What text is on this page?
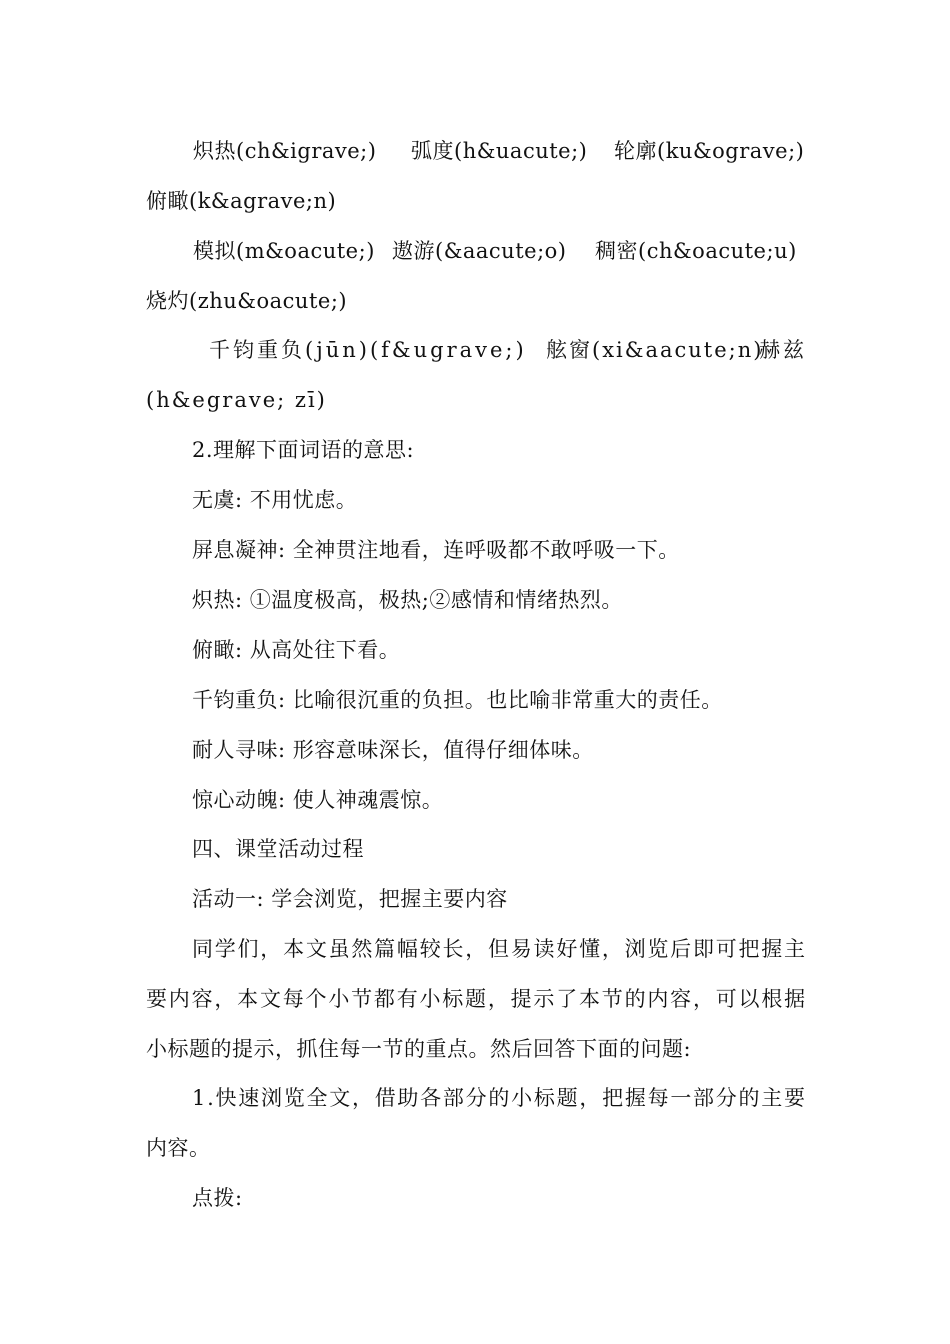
炽热(ch&igrave;) 弧度(h&uacute;) 轮廓(ku&ograve;)
俯瞰(k&agrave;n)
模拟(m&oacute;) 遨游(&aacute;o) 稠密(ch&oacute;u)
烧灼(zhu&oacute;)
千钧重负(jūn)(f&ugrave;) 舷窗(xi&aacute;n)
赫兹
(h&egrave; zī)
2.理解下面词语的意思:
无虞: 不用忧虑。
屏息凝神: 全神贯注地看，连呼吸都不敢呼吸一下。
炽热: ①温度极高，极热;②感情和情绪热烈。
俯瞰: 从高处往下看。
千钧重负: 比喻很沉重的负担。也比喻非常重大的责任。
耐人寻味: 形容意味深长，值得仔细体味。
惊心动魄: 使人神魂震惊。
四、课堂活动过程
活动一: 学会浏览，把握主要内容
同学们，本文虽然篇幅较长，但易读好懂，浏览后即可把握主
要内容，本文每个小节都有小标题，提示了本节的内容，可以根据
小标题的提示，抓住每一节的重点。然后回答下面的问题:
1.快速浏览全文，借助各部分的小标题，把握每一部分的主要
内容。
点拨:
